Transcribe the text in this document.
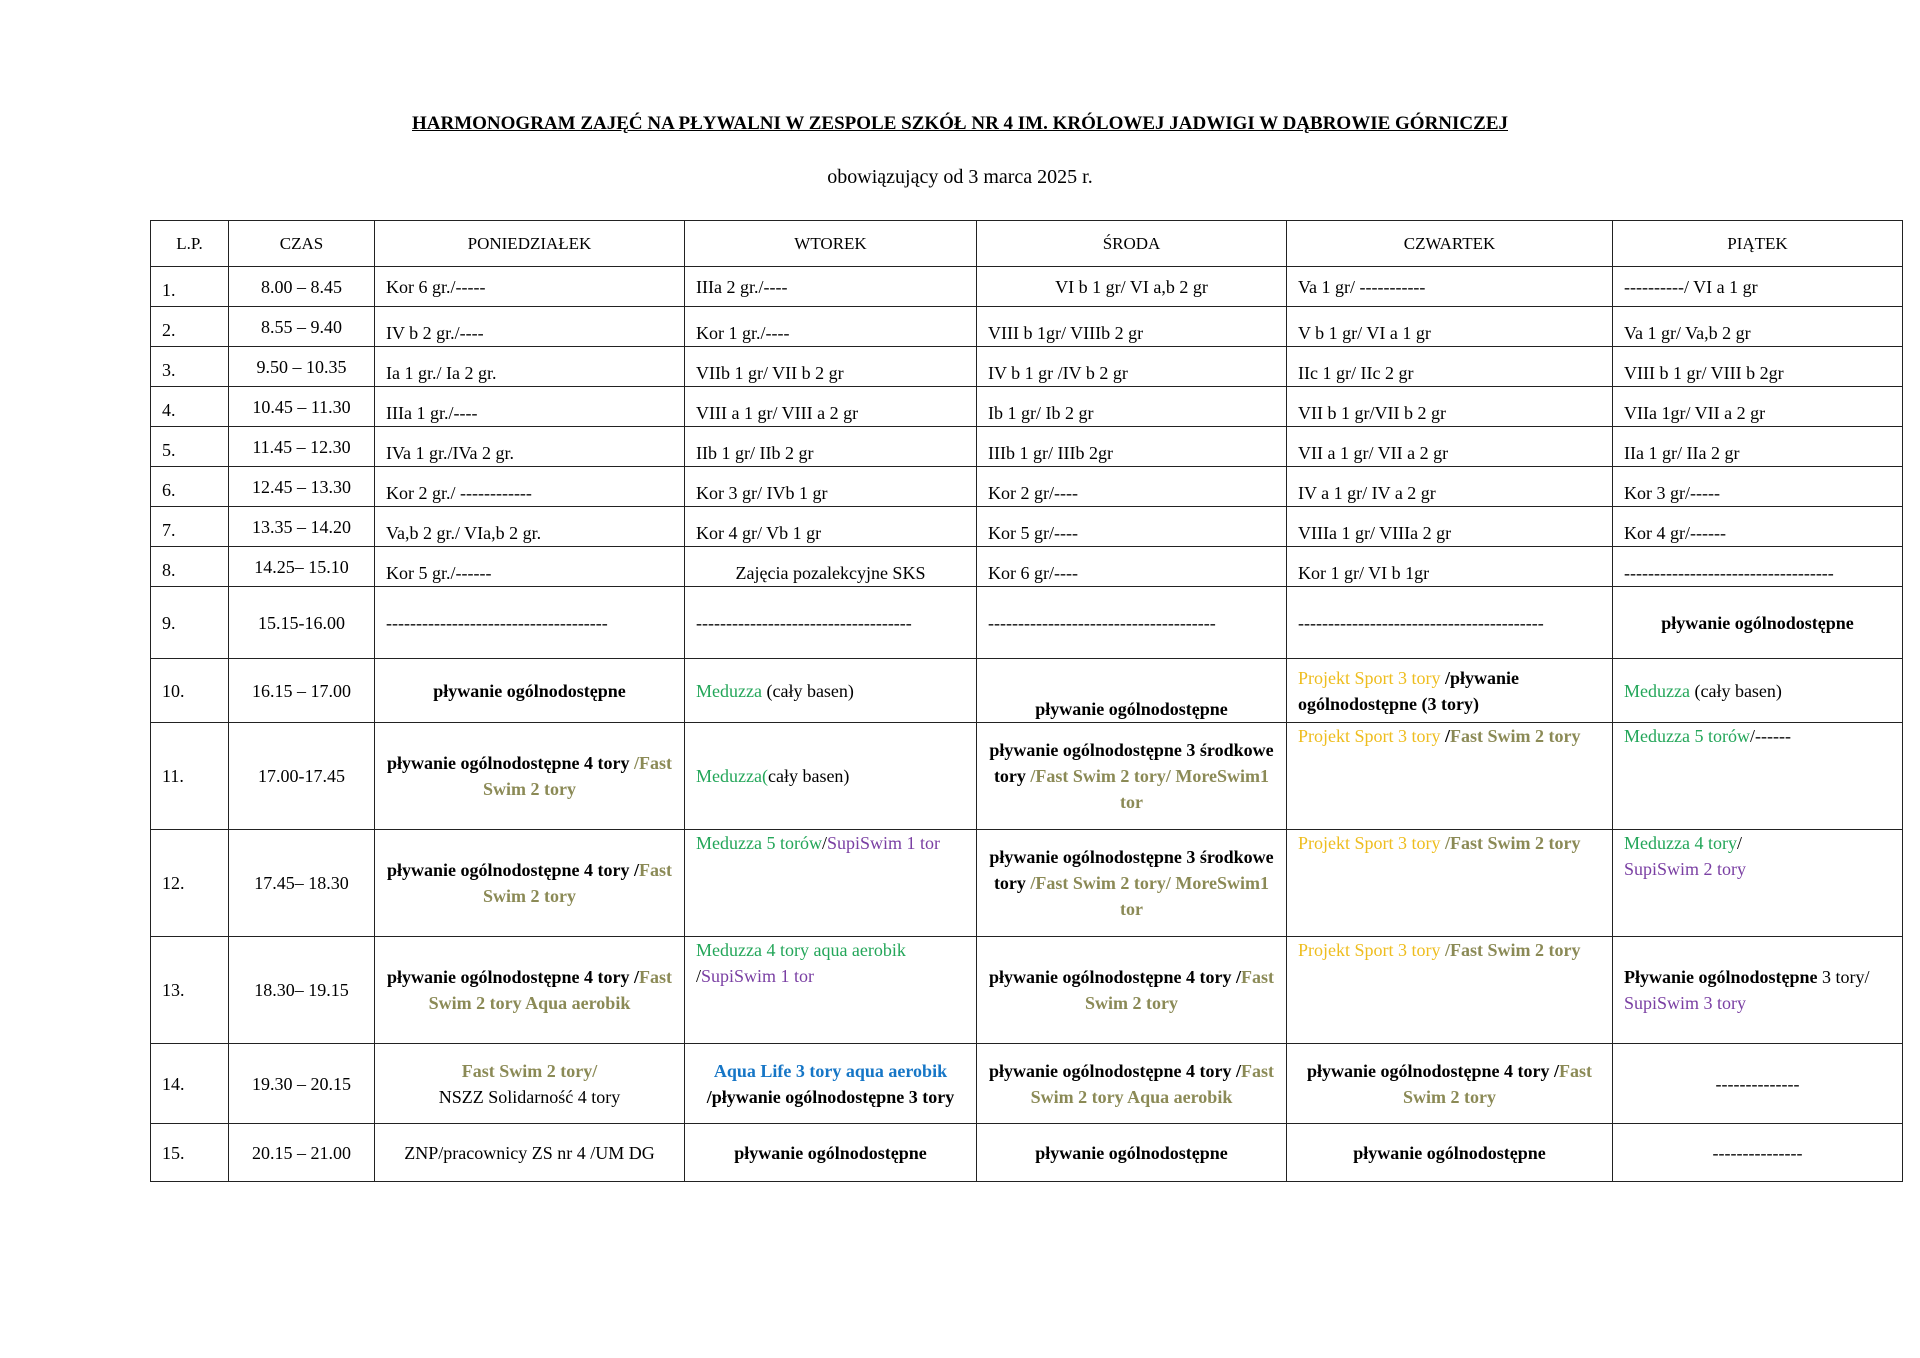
HARMONOGRAM ZAJĘĆ NA PŁYWALNI W ZESPOLE SZKÓŁ NR 4 IM. KRÓLOWEJ JADWIGI W DĄBROWIE GÓRNICZEJ
obowiązujący od 3 marca 2025 r.
L.P.	CZAS	PONIEDZIAŁEK	WTOREK	ŚRODA	CZWARTEK	PIĄTEK
1.	8.00 – 8.45	Kor 6 gr./-----	IIIa 2 gr./----	VI b 1 gr/ VI a,b 2 gr	Va 1 gr/ -----------	----------/ VI a 1 gr
2.	8.55 – 9.40	IV b 2 gr./----	Kor 1 gr./----	VIII b 1gr/ VIIIb 2 gr	V b 1 gr/ VI a 1 gr	Va 1 gr/ Va,b 2 gr
3.	9.50 – 10.35	Ia 1 gr./ Ia 2 gr.	VIIb 1 gr/ VII b 2 gr	IV b 1 gr /IV b 2 gr	IIc 1 gr/ IIc 2 gr	VIII b 1 gr/ VIII b 2gr
4.	10.45 – 11.30	IIIa 1 gr./----	VIII a 1 gr/ VIII a 2 gr	Ib 1 gr/ Ib 2 gr	VII b 1 gr/VII b 2 gr	VIIa 1gr/ VII a 2 gr
5.	11.45 – 12.30	IVa 1 gr./IVa 2 gr.	IIb 1 gr/ IIb 2 gr	IIIb 1 gr/ IIIb 2gr	VII a 1 gr/ VII a 2 gr	IIa 1 gr/ IIa 2 gr
6.	12.45 – 13.30	Kor 2 gr./ ------------	Kor 3 gr/ IVb 1 gr	Kor 2 gr/----	IV a 1 gr/ IV a 2 gr	Kor 3 gr/-----
7.	13.35 – 14.20	Va,b 2 gr./ VIa,b 2 gr.	Kor 4 gr/ Vb 1 gr	Kor 5 gr/----	VIIIa 1 gr/ VIIIa 2 gr	Kor 4 gr/------
8.	14.25– 15.10	Kor 5 gr./------	Zajęcia pozalekcyjne SKS	Kor 6 gr/----	Kor 1 gr/ VI b 1gr	-----------------------------------
9.	15.15-16.00	-------------------------------------	------------------------------------	--------------------------------------	-----------------------------------------	pływanie ogólnodostępne
10.	16.15 – 17.00	pływanie ogólnodostępne	Meduzza (cały basen)	pływanie ogólnodostępne	Projekt Sport 3 tory /pływanie ogólnodostępne (3 tory)	Meduzza (cały basen)
11.	17.00-17.45	pływanie ogólnodostępne 4 tory /Fast Swim 2 tory	Meduzza(cały basen)	pływanie ogólnodostępne 3 środkowe tory /Fast Swim 2 tory/ MoreSwim1 tor	Projekt Sport 3 tory /Fast Swim 2 tory	Meduzza 5 torów/------
12.	17.45– 18.30	pływanie ogólnodostępne 4 tory /Fast Swim 2 tory	Meduzza 5 torów/SupiSwim 1 tor	pływanie ogólnodostępne 3 środkowe tory /Fast Swim 2 tory/ MoreSwim1 tor	Projekt Sport 3 tory /Fast Swim 2 tory	Meduzza 4 tory/
SupiSwim 2 tory
13.	18.30– 19.15	pływanie ogólnodostępne 4 tory /Fast Swim 2 tory Aqua aerobik	Meduzza 4 tory aqua aerobik
/SupiSwim 1 tor	pływanie ogólnodostępne 4 tory /Fast Swim 2 tory	Projekt Sport 3 tory /Fast Swim 2 tory	Pływanie ogólnodostępne 3 tory/
SupiSwim 3 tory
14.	19.30 – 20.15	Fast Swim 2 tory/
NSZZ Solidarność 4 tory	Aqua Life 3 tory aqua aerobik /pływanie ogólnodostępne 3 tory	pływanie ogólnodostępne 4 tory /Fast Swim 2 tory Aqua aerobik	pływanie ogólnodostępne 4 tory /Fast Swim 2 tory	--------------
15.	20.15 – 21.00	ZNP/pracownicy ZS nr 4 /UM DG	pływanie ogólnodostępne	pływanie ogólnodostępne	pływanie ogólnodostępne	---------------
